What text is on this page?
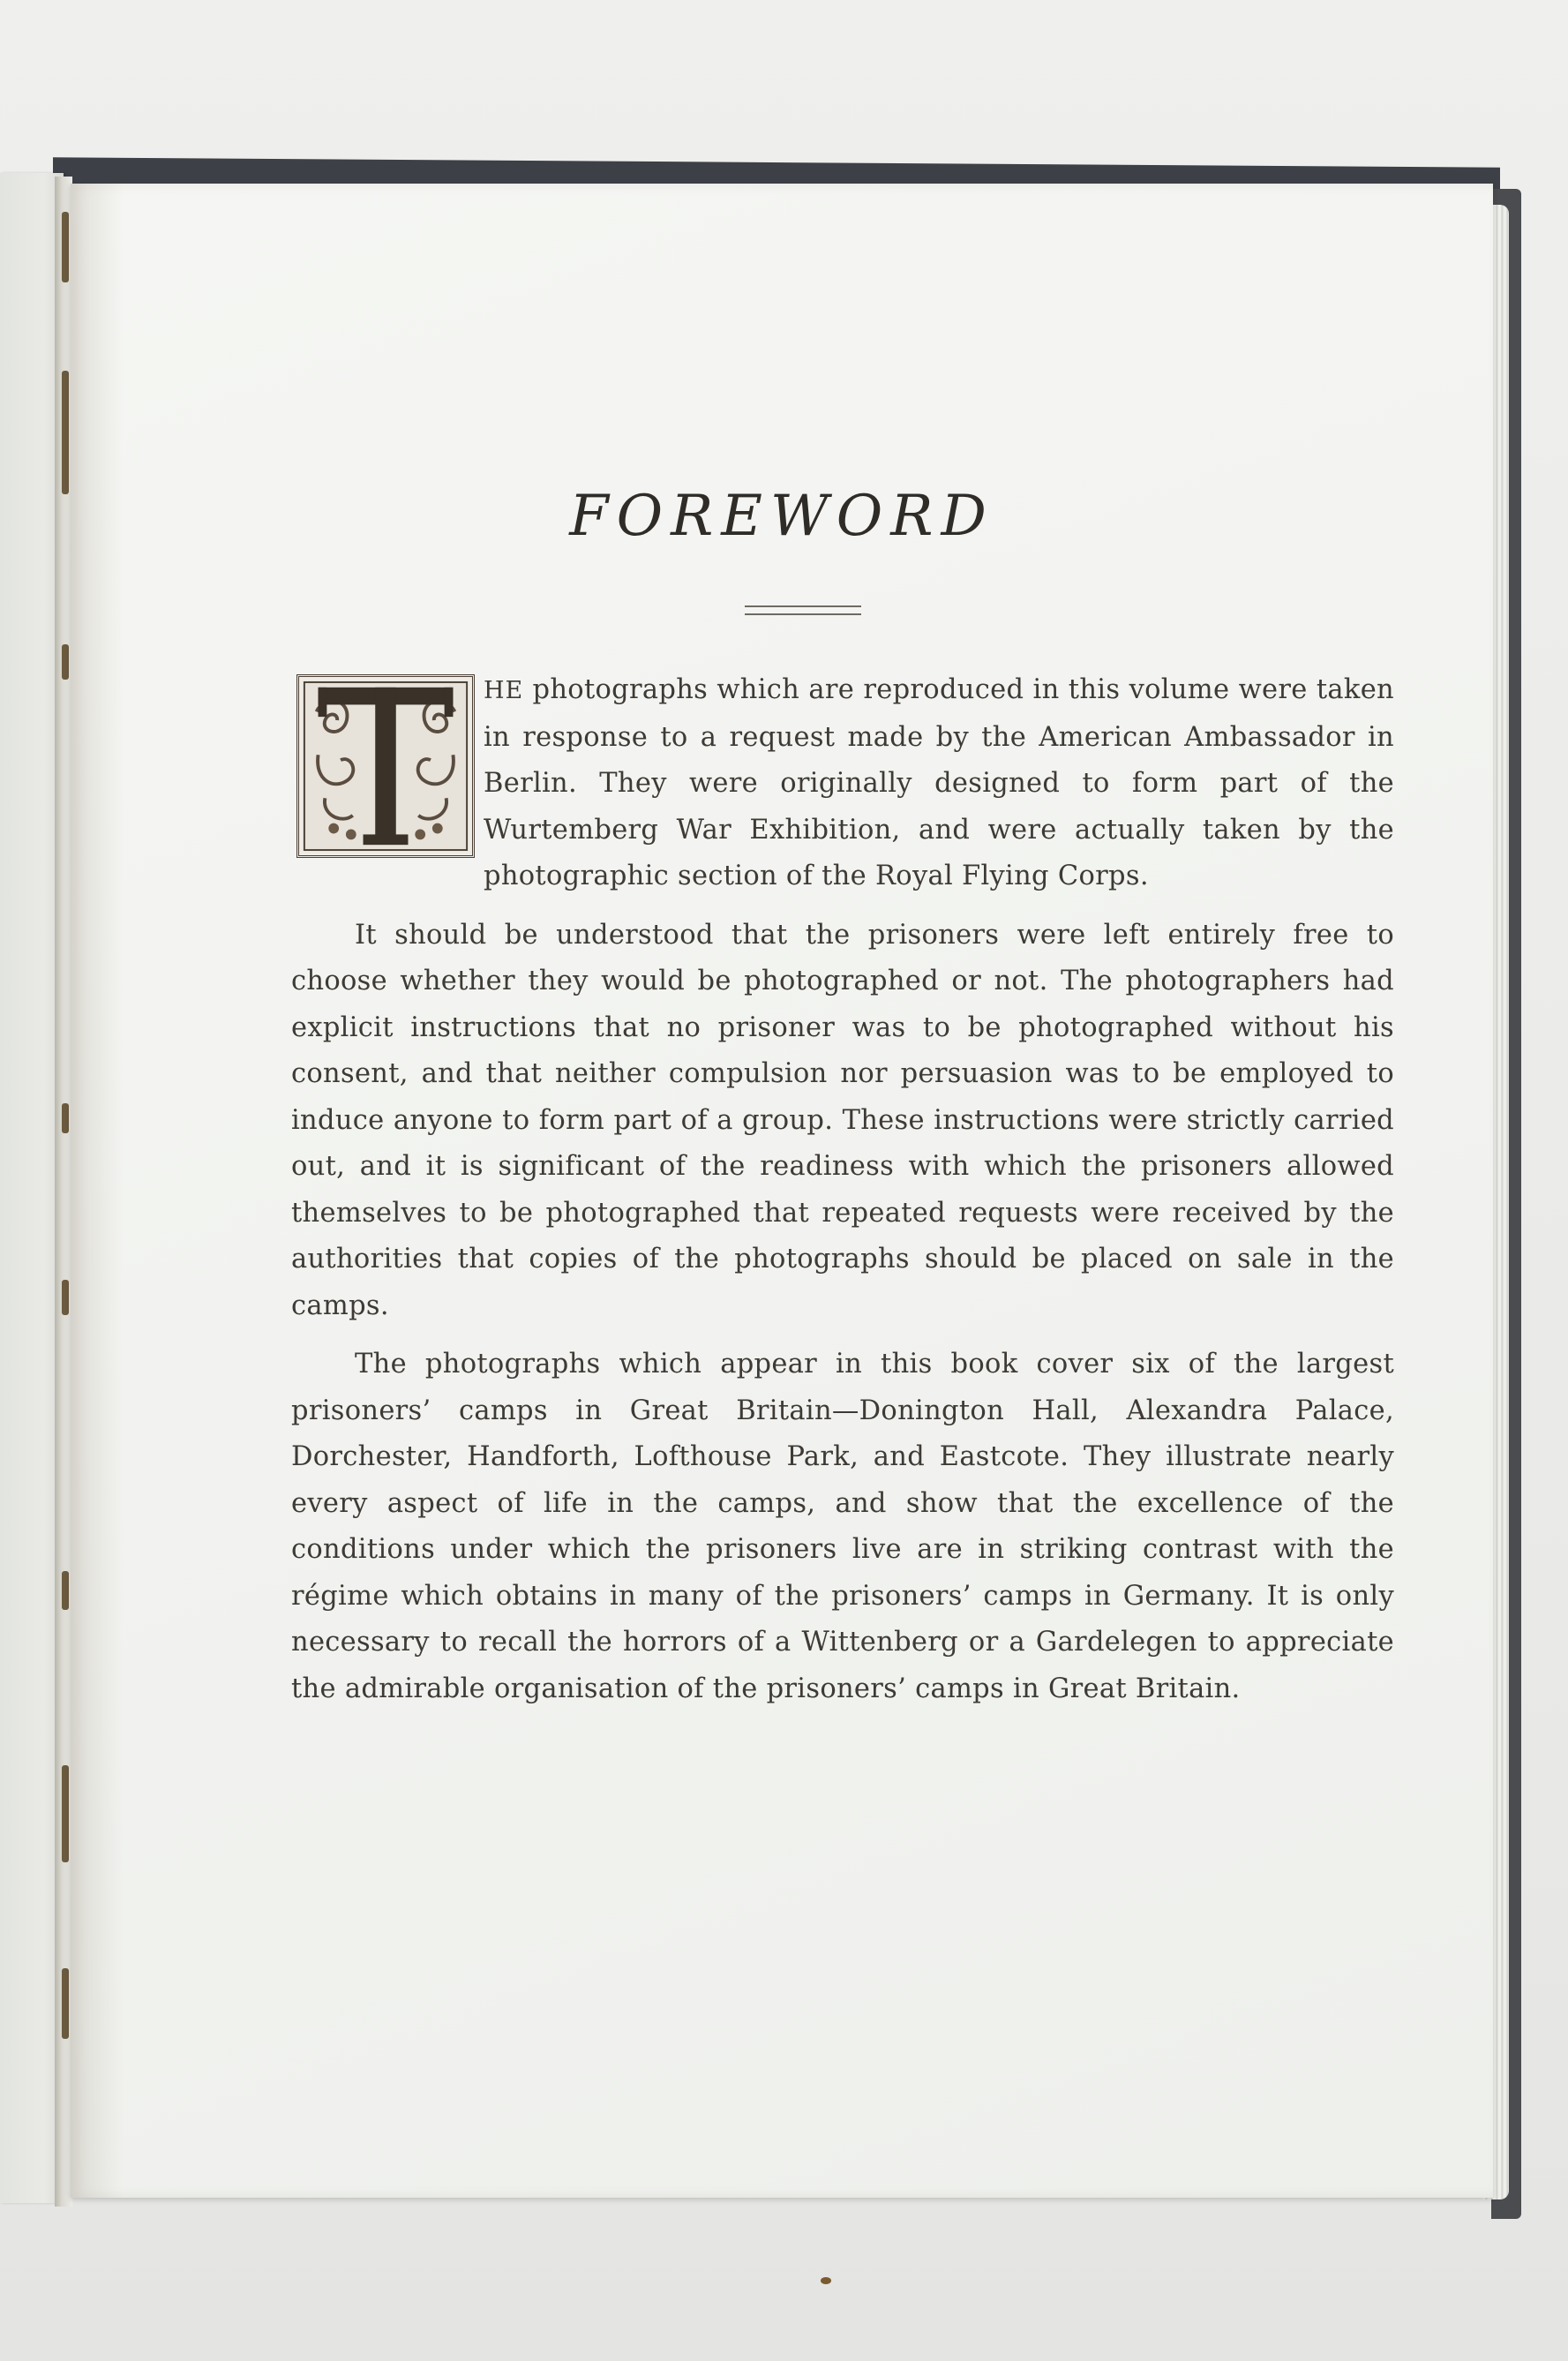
FOREWORD

HE photographs which are reproduced in this volume were taken in response to a request made by the American Ambassador in Berlin. They were originally designed to form part of the Wurtemberg War Exhibition, and were actually taken by the photographic section of the Royal Flying Corps.

It should be understood that the prisoners were left entirely free to choose whether they would be photographed or not. The photographers had explicit instructions that no prisoner was to be photographed without his consent, and that neither compulsion nor persuasion was to be employed to induce anyone to form part of a group. These instructions were strictly carried out, and it is significant of the readiness with which the prisoners allowed themselves to be photographed that repeated requests were received by the authorities that copies of the photographs should be placed on sale in the camps.

The photographs which appear in this book cover six of the largest prisoners’ camps in Great Britain—Donington Hall, Alexandra Palace, Dorchester, Handforth, Lofthouse Park, and Eastcote. They illustrate nearly every aspect of life in the camps, and show that the excellence of the conditions under which the prisoners live are in striking contrast with the régime which obtains in many of the prisoners’ camps in Germany. It is only necessary to recall the horrors of a Wittenberg or a Gardelegen to appreciate the admirable organisation of the prisoners’ camps in Great Britain.
